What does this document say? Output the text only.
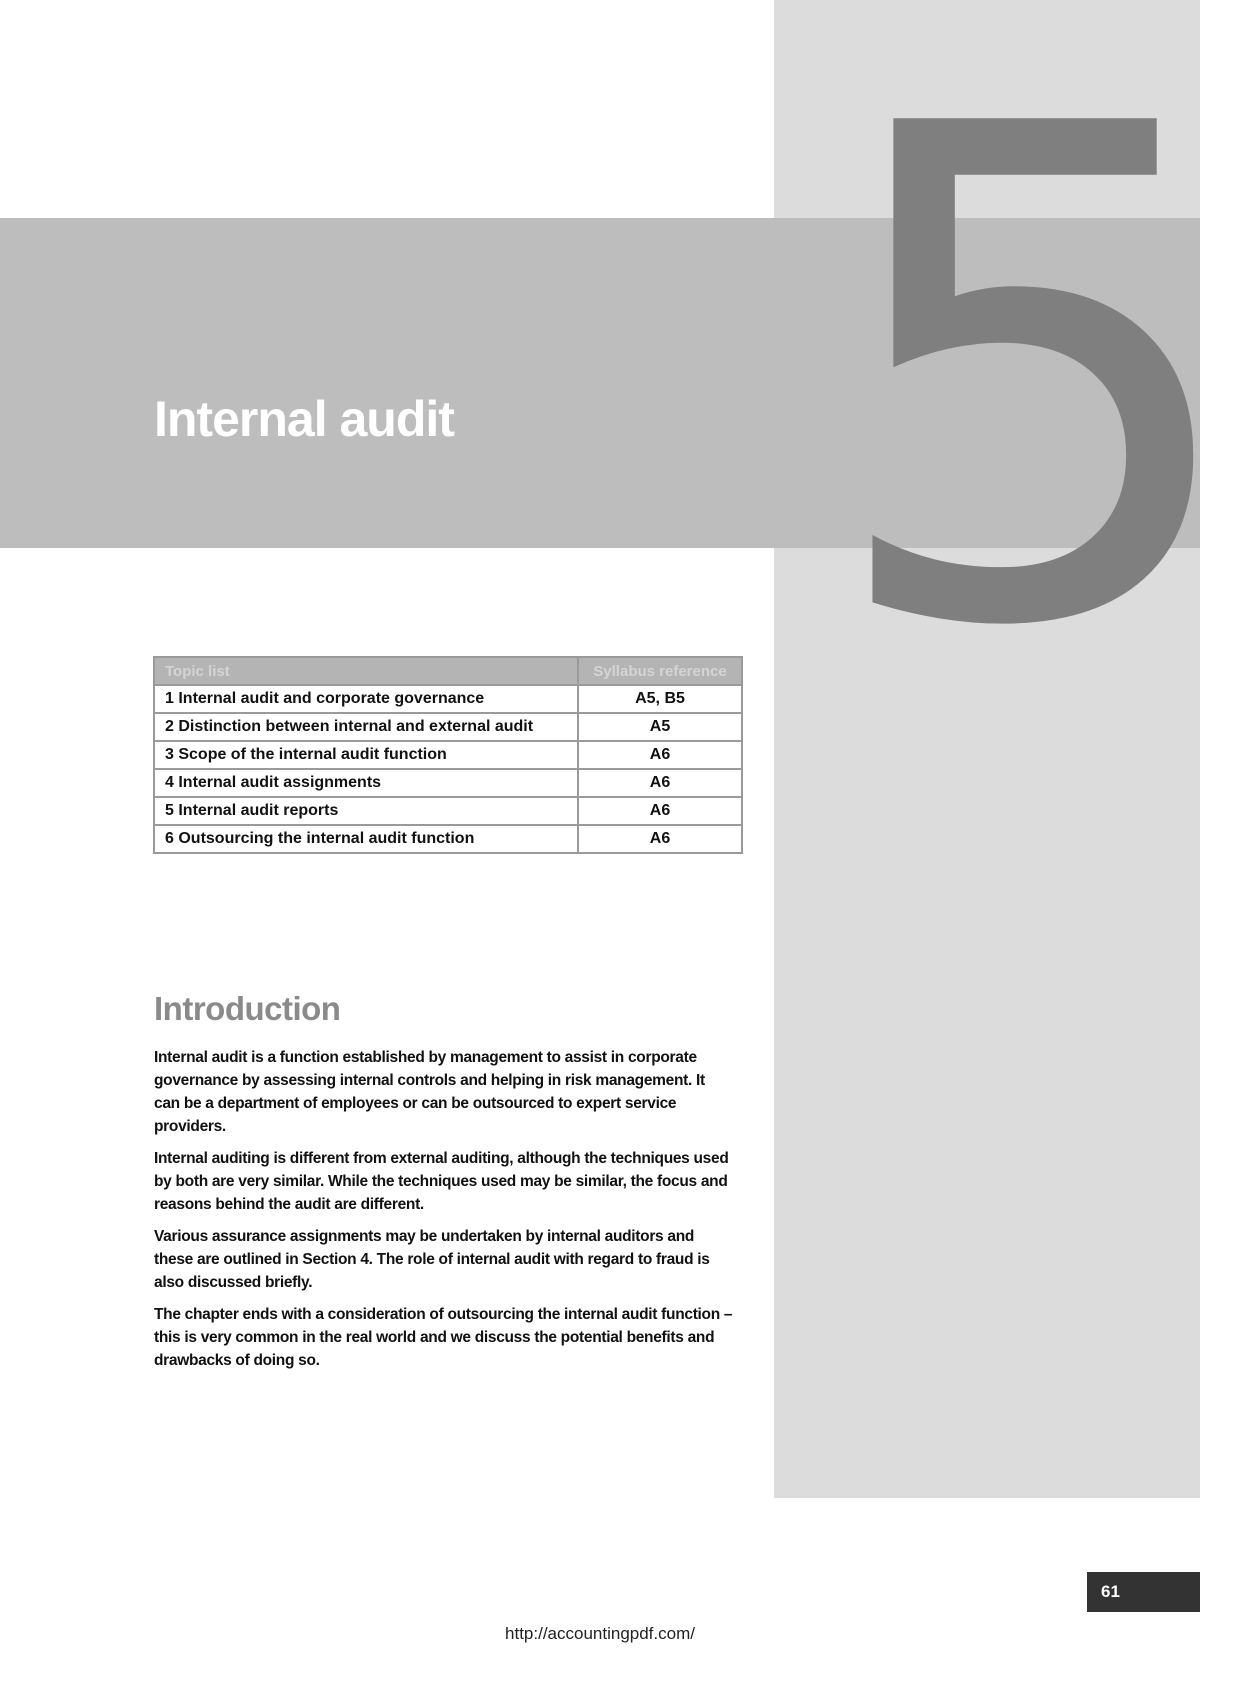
5
Internal audit
Topic list	Syllabus reference
1 Internal audit and corporate governance	A5, B5
2 Distinction between internal and external audit	A5
3 Scope of the internal audit function	A6
4 Internal audit assignments	A6
5 Internal audit reports	A6
6 Outsourcing the internal audit function	A6
Introduction

Internal audit is a function established by management to assist in corporate governance by assessing internal controls and helping in risk management. It can be a department of employees or can be outsourced to expert service providers.

Internal auditing is different from external auditing, although the techniques used by both are very similar. While the techniques used may be similar, the focus and reasons behind the audit are different.

Various assurance assignments may be undertaken by internal auditors and these are outlined in Section 4. The role of internal audit with regard to fraud is also discussed briefly.

The chapter ends with a consideration of outsourcing the internal audit function – this is very common in the real world and we discuss the potential benefits and drawbacks of doing so.

61
http://accountingpdf.com/
